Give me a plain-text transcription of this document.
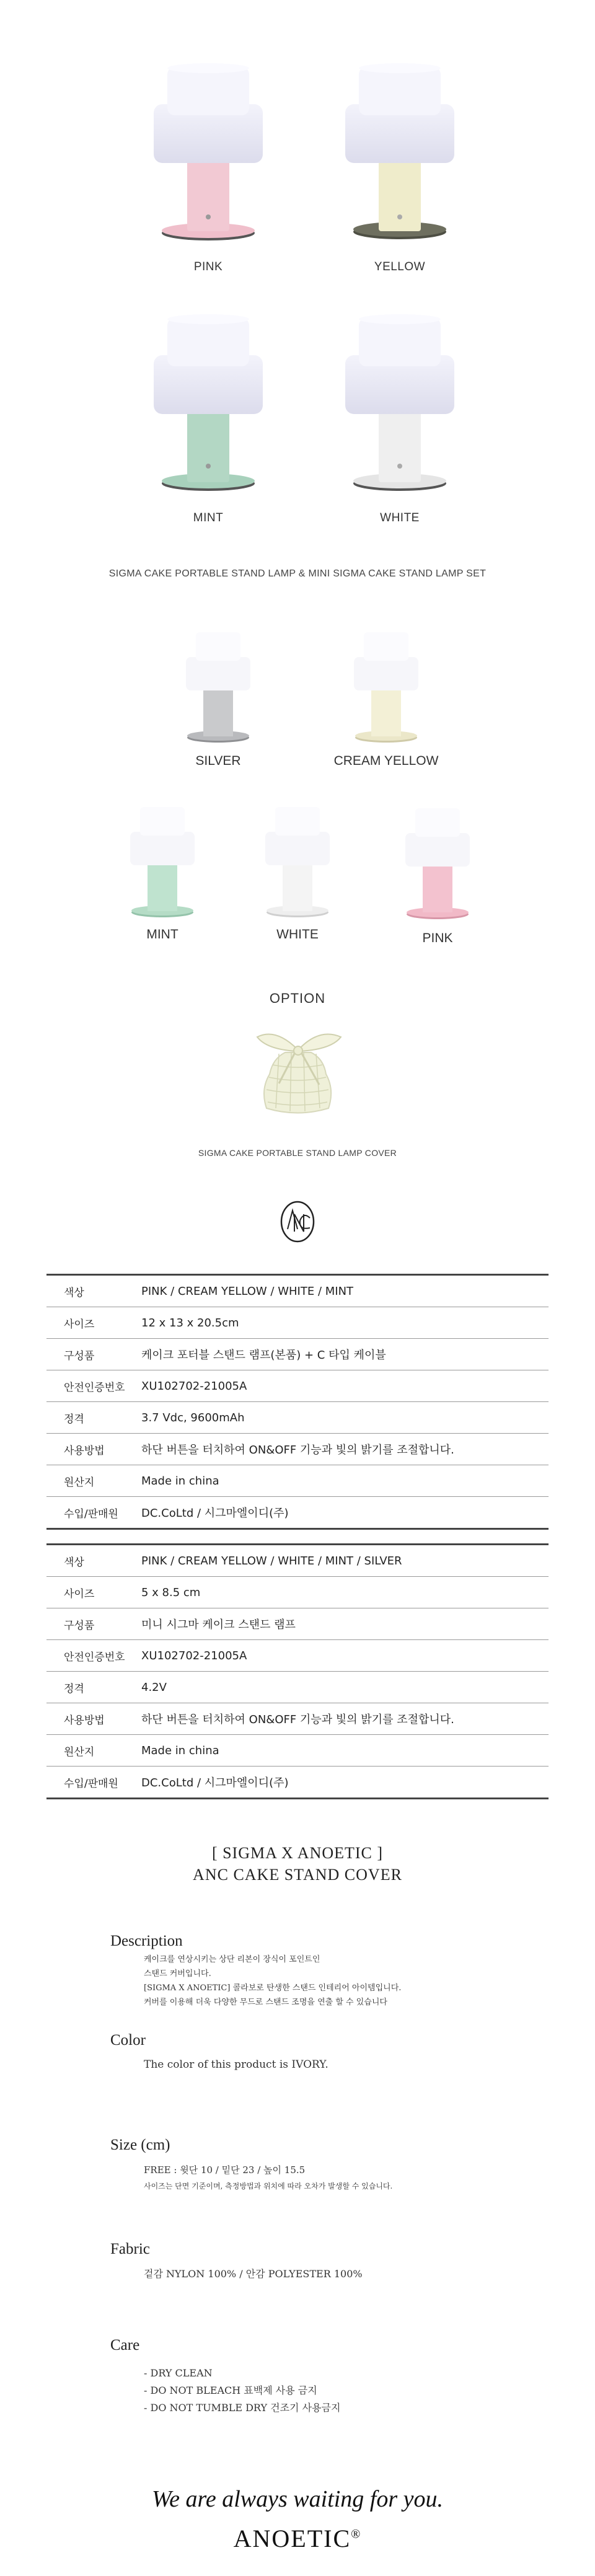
PINK	YELLOW
MINT	WHITE
SIGMA CAKE PORTABLE STAND LAMP & MINI SIGMA CAKE STAND LAMP SET
SILVER	CREAM YELLOW
MINT	WHITE	PINK
OPTION
SIGMA CAKE PORTABLE STAND LAMP COVER
색상	PINK / CREAM YELLOW / WHITE / MINT
사이즈	12 x 13 x 20.5cm
구성품	케이크 포터블 스탠드 램프(본품) + C 타입 케이블
안전인증번호	XU102702-21005A
정격	3.7 Vdc, 9600mAh
사용방법	하단 버튼을 터치하여 ON&OFF 기능과 빛의 밝기를 조절합니다.
원산지	Made in china
수입/판매원	DC.CoLtd / 시그마엘이디(주)
색상	PINK / CREAM YELLOW / WHITE / MINT / SILVER
사이즈	5 x 8.5 cm
구성품	미니 시그마 케이크 스탠드 램프
안전인증번호	XU102702-21005A
정격	4.2V
사용방법	하단 버튼을 터치하여 ON&OFF 기능과 빛의 밝기를 조절합니다.
원산지	Made in china
수입/판매원	DC.CoLtd / 시그마엘이디(주)
[ SIGMA X ANOETIC ]
ANC CAKE STAND COVER
Description
케이크를 연상시키는 상단 리본이 장식이 포인트인
스탠드 커버입니다.
[SIGMA X ANOETIC] 콜라보로 탄생한 스탠드 인테리어 아이템입니다.
커버를 이용해 더욱 다양한 무드로 스탠드 조명을 연출 할 수 있습니다
Color
The color of this product is IVORY.
Size (cm)
FREE : 윗단 10 / 밑단 23 / 높이 15.5
사이즈는 단면 기준이며, 측정방법과 위치에 따라 오차가 발생할 수 있습니다.
Fabric
겉감 NYLON 100% / 안감 POLYESTER 100%
Care
- DRY CLEAN
- DO NOT BLEACH 표백제 사용 금지
- DO NOT TUMBLE DRY 건조기 사용금지
We are always waiting for you.
ANOETIC®
